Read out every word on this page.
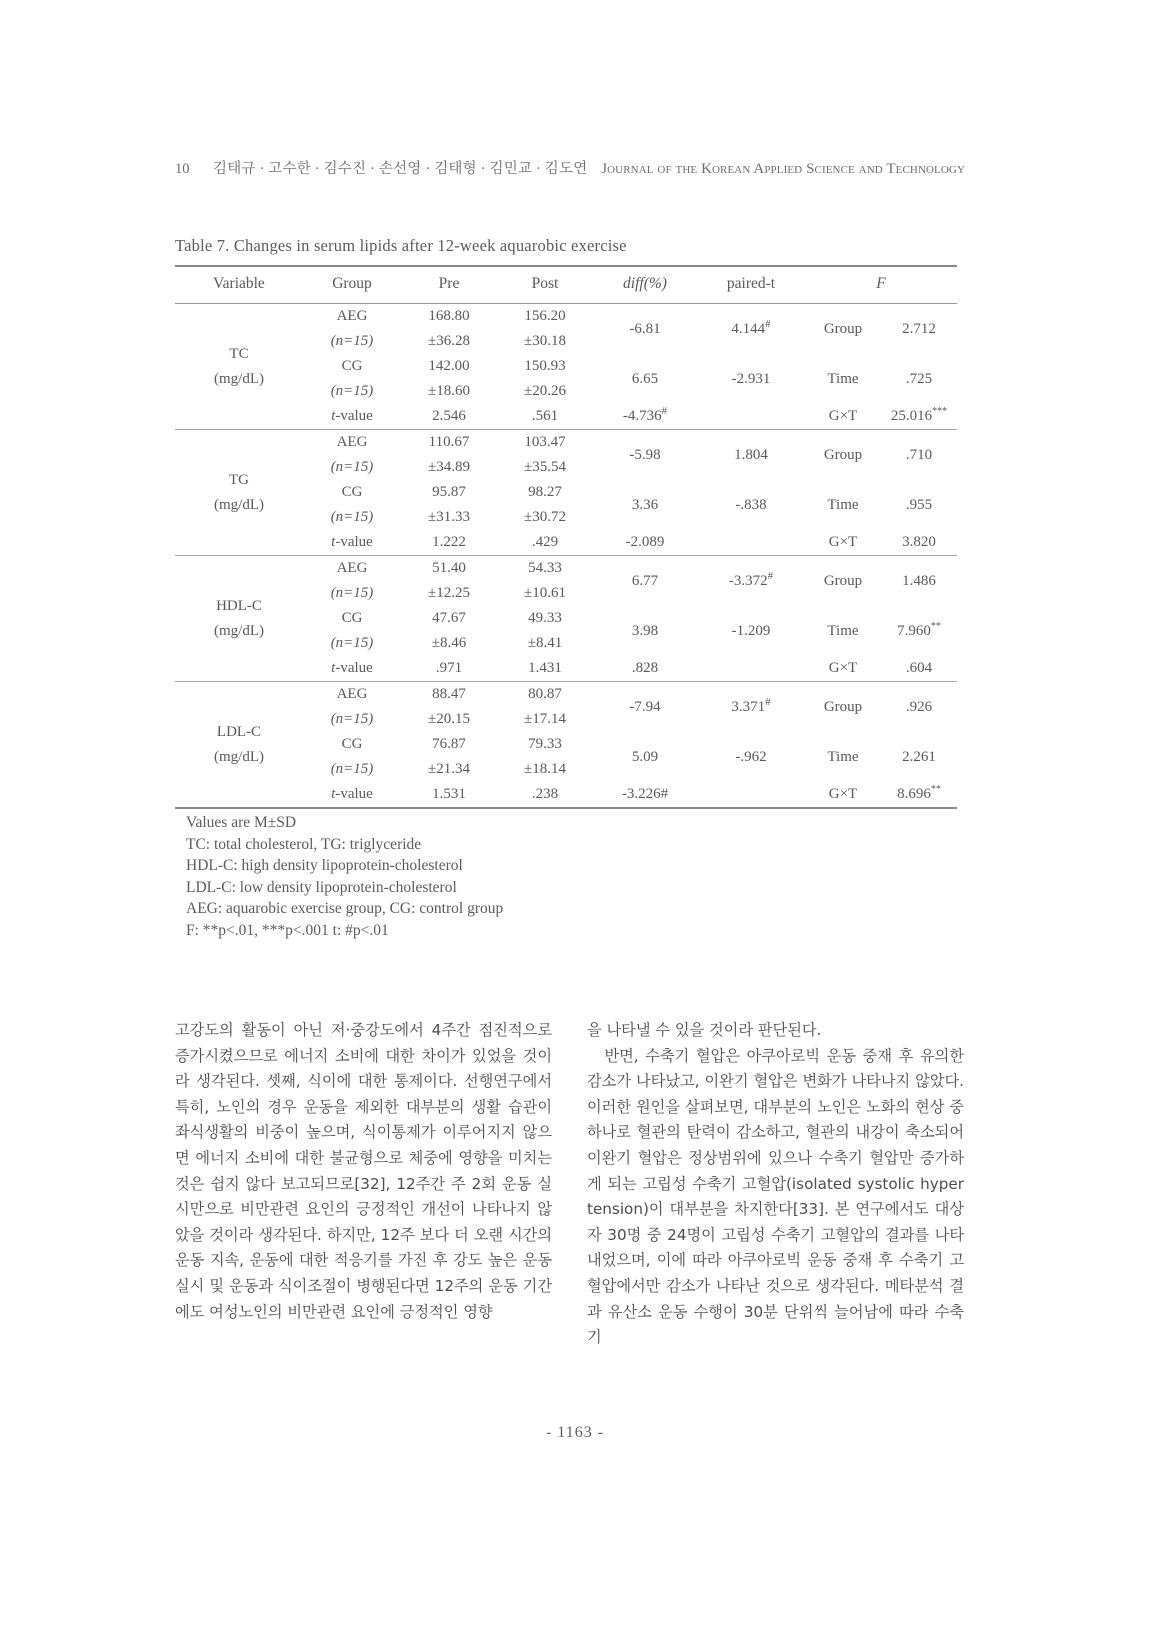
10	김태규 · 고수한 · 김수진 · 손선영 · 김태형 · 김민교 · 김도연 Journal of the Korean Applied Science and Technology
Table 7. Changes in serum lipids after 12-week aquarobic exercise
Variable	Group	Pre	Post	diff(%)	paired-t	F	

TC
(mg/dL)	AEG	168.80	156.20	-6.81	4.144#	Group	2.712
	(n=15)	±36.28	±30.18				
	CG	142.00	150.93	6.65	-2.931	Time	.725
	(n=15)	±18.60	±20.26				
	t-value	2.546	.561	-4.736#		G×T	25.016***

TG
(mg/dL)	AEG	110.67	103.47	-5.98	1.804	Group	.710
	(n=15)	±34.89	±35.54				
	CG	95.87	98.27	3.36	-.838	Time	.955
	(n=15)	±31.33	±30.72				
	t-value	1.222	.429	-2.089		G×T	3.820

HDL-C
(mg/dL)	AEG	51.40	54.33	6.77	-3.372#	Group	1.486
	(n=15)	±12.25	±10.61				
	CG	47.67	49.33	3.98	-1.209	Time	7.960**
	(n=15)	±8.46	±8.41				
	t-value	.971	1.431	.828		G×T	.604

LDL-C
(mg/dL)	AEG	88.47	80.87	-7.94	3.371#	Group	.926
	(n=15)	±20.15	±17.14				
	CG	76.87	79.33	5.09	-.962	Time	2.261
	(n=15)	±21.34	±18.14				
	t-value	1.531	.238	-3.226#		G×T	8.696**
Values are M±SD
TC: total cholesterol, TG: triglyceride
HDL-C: high density lipoprotein-cholesterol
LDL-C: low density lipoprotein-cholesterol
AEG: aquarobic exercise group, CG: control group
F: **p<.01, ***p<.001 t: #p<.01

고강도의 활동이 아닌 저·중강도에서 4주간 점진적으로 증가시켰으므로 에너지 소비에 대한 차이가 있었을 것이라 생각된다. 셋째, 식이에 대한 통제이다. 선행연구에서 특히, 노인의 경우 운동을 제외한 대부분의 생활 습관이 좌식생활의 비중이 높으며, 식이통제가 이루어지지 않으면 에너지 소비에 대한 불균형으로 체중에 영향을 미치는 것은 쉽지 않다 보고되므로[32], 12주간 주 2회 운동 실시만으로 비만관련 요인의 긍정적인 개선이 나타나지 않았을 것이라 생각된다. 하지만, 12주 보다 더 오랜 시간의 운동 지속, 운동에 대한 적응기를 가진 후 강도 높은 운동 실시 및 운동과 식이조절이 병행된다면 12주의 운동 기간에도 여성노인의 비만관련 요인에 긍정적인 영향

을 나타낼 수 있을 것이라 판단된다.

반면, 수축기 혈압은 아쿠아로빅 운동 중재 후 유의한 감소가 나타났고, 이완기 혈압은 변화가 나타나지 않았다. 이러한 원인을 살펴보면, 대부분의 노인은 노화의 현상 중 하나로 혈관의 탄력이 감소하고, 혈관의 내강이 축소되어 이완기 혈압은 정상범위에 있으나 수축기 혈압만 증가하게 되는 고립성 수축기 고혈압(isolated systolic hypertension)이 대부분을 차지한다[33]. 본 연구에서도 대상자 30명 중 24명이 고립성 수축기 고혈압의 결과를 나타내었으며, 이에 따라 아쿠아로빅 운동 중재 후 수축기 고혈압에서만 감소가 나타난 것으로 생각된다. 메타분석 결과 유산소 운동 수행이 30분 단위씩 늘어남에 따라 수축기

- 1163 -
